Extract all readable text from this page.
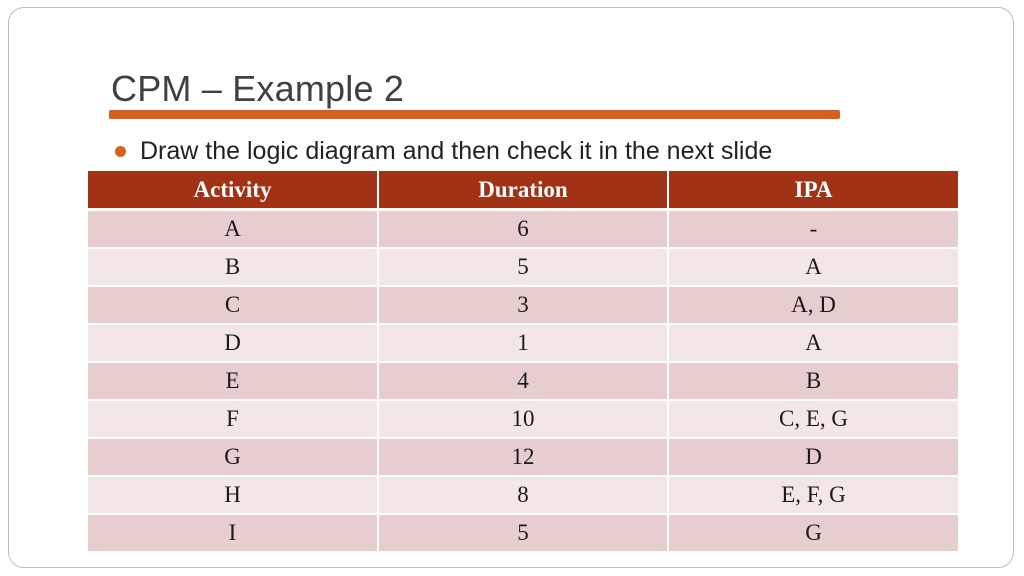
CPM – Example 2
Draw the logic diagram and then check it in the next slide
Activity	Duration	IPA
A	6	-
B	5	A
C	3	A, D
D	1	A
E	4	B
F	10	C, E, G
G	12	D
H	8	E, F, G
I	5	G
